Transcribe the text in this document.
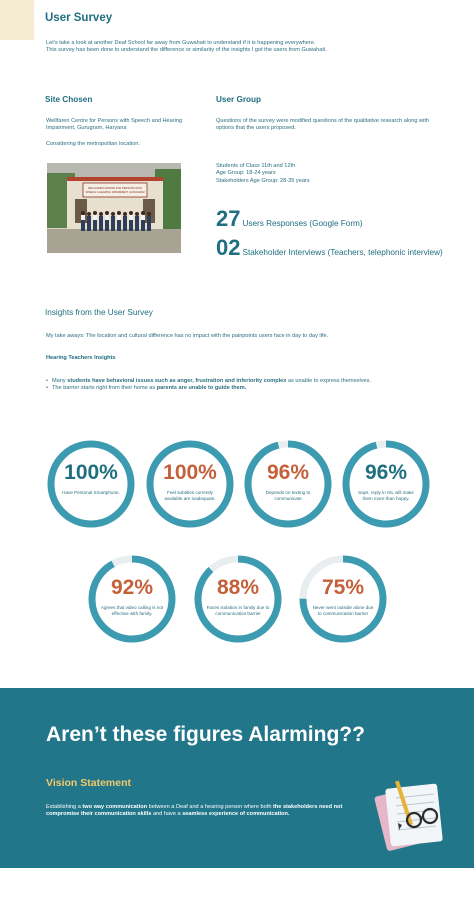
User Survey
Let's take a look at another Deaf School far away from Guwahati to understand if it is happening everywhere.
This survey has been done to understand the difference or similarity of the insights I got the users from Guwahati.
Site Chosen	User Group
Wellfaren Centre for Persons with Speech and Hearing Impairment, Gurugram, Haryana
Considering the metropolitan location.
Questions of the survey were modified questions of the qualitative research along with options that the users proposed.
Students of Class 11th and 12th
Age Group: 18-24 years
Stakeholders Age Group: 28-35 years
WELLFAREN CENTRE FOR PERSONS WITH
SPEECH & HEARING IMPAIRMENT, GURUGRAM
27 Users Responses (Google Form)
02 Stakeholder Interviews (Teachers, telephonic interview)
Insights from the User Survey
My take aways: The location and cultural difference has no impact with the painpoints users face in day to day life.
Hearing Teachers Insights
• Many students have behavioral issues such as anger, frustration and inferiority complex as unable to express themselves.
• The barrier starts right from their home as parents are unable to guide them.
100%
Have Personal Smartphone.
100%
Feel subtitles currently available are inadequate.
96%
Depends on texting to communicate
96%
Says, reply in ISL will make them more than happy.
92%
Agrees that video calling is not effective with family.
88%
Faces isolation in family due to communication barrier
75%
Never went outside alone due to communication barrier
Aren’t these figures Alarming??
Vision Statement
Establishing a two way communication between a Deaf and a hearing person where both the stakeholders need not compromise their communication skills and have a seamless experience of communication.
